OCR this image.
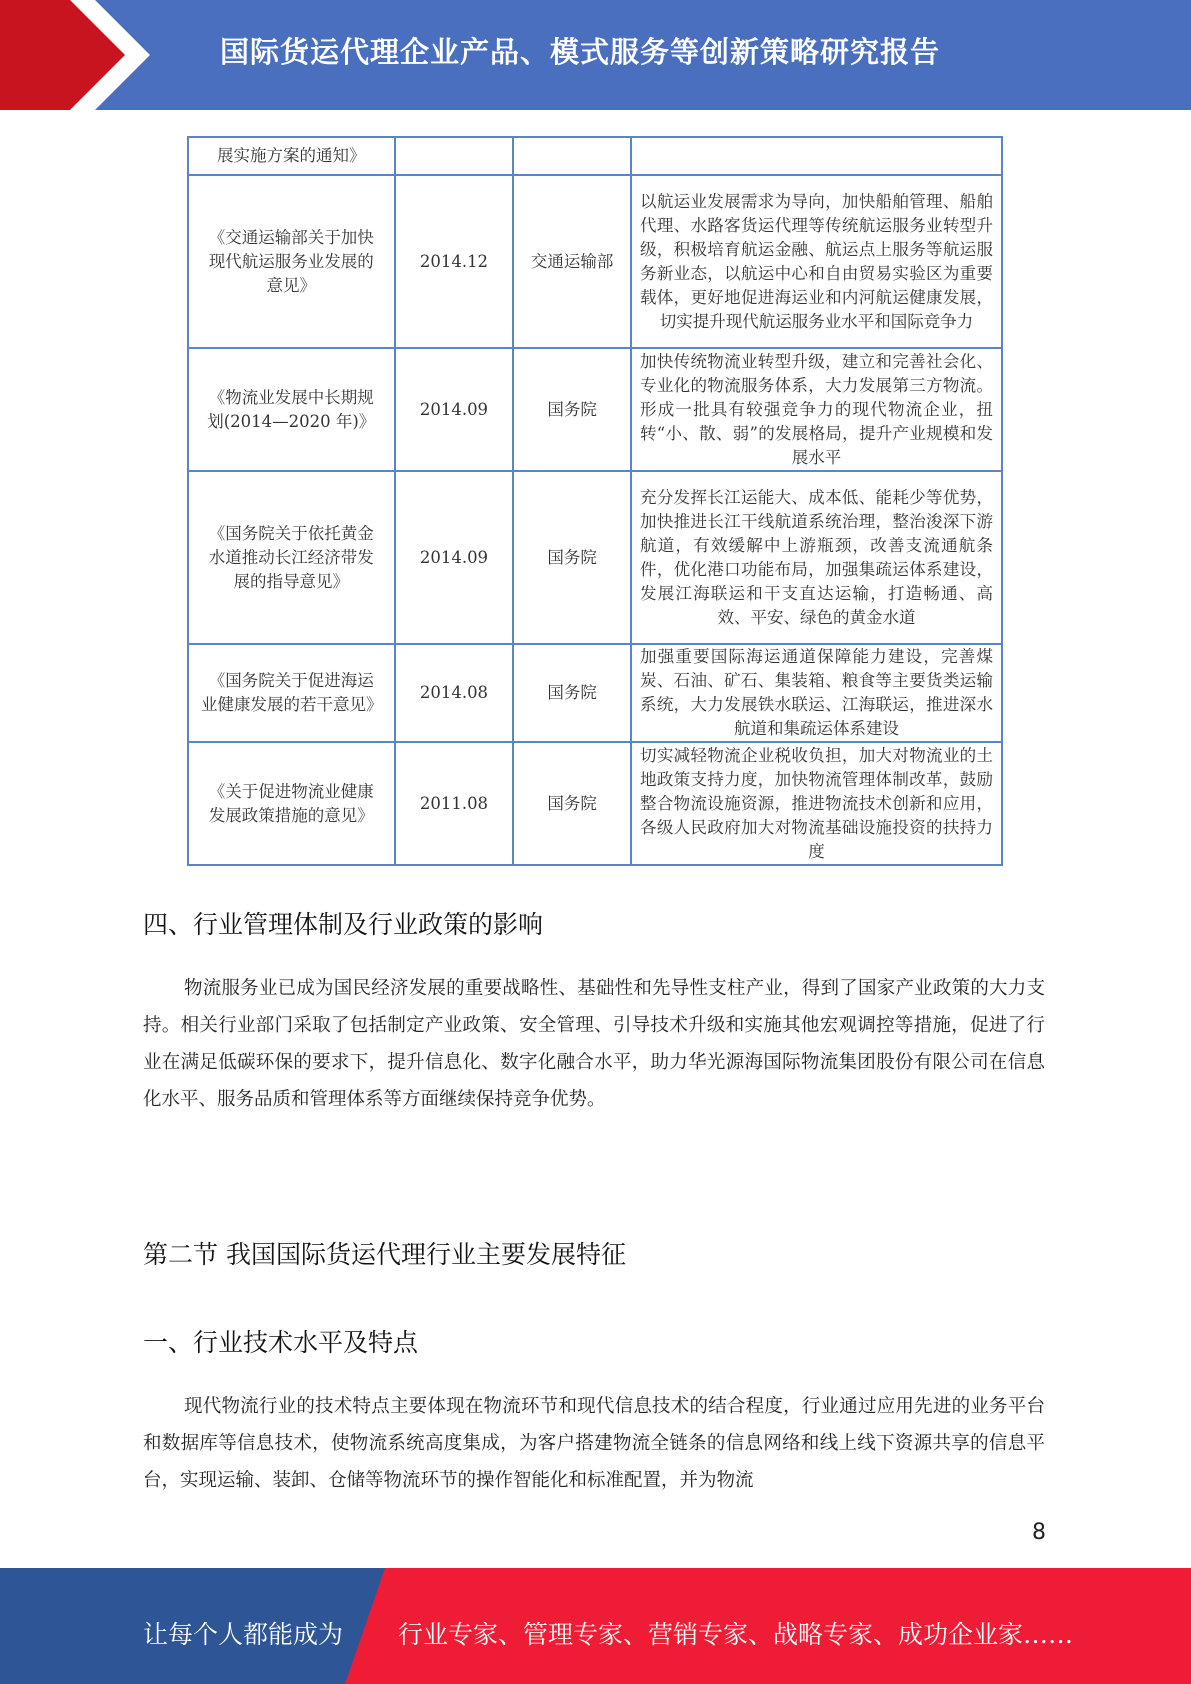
国际货运代理企业产品、模式服务等创新策略研究报告
展实施方案的通知》			
《交通运输部关于加快现代航运服务业发展的意见》	2014.12	交通运输部	以航运业发展需求为导向，加快船舶管理、船舶代理、水路客货运代理等传统航运服务业转型升级，积极培育航运金融、航运点上服务等航运服务新业态，以航运中心和自由贸易实验区为重要载体，更好地促进海运业和内河航运健康发展，切实提升现代航运服务业水平和国际竞争力
《物流业发展中长期规划(2014—2020 年)》	2014.09	国务院	加快传统物流业转型升级，建立和完善社会化、专业化的物流服务体系，大力发展第三方物流。形成一批具有较强竞争力的现代物流企业，扭转“小、散、弱”的发展格局，提升产业规模和发展水平
《国务院关于依托黄金水道推动长江经济带发展的指导意见》	2014.09	国务院	充分发挥长江运能大、成本低、能耗少等优势，加快推进长江干线航道系统治理，整治浚深下游航道，有效缓解中上游瓶颈，改善支流通航条件，优化港口功能布局，加强集疏运体系建设，发展江海联运和干支直达运输，打造畅通、高效、平安、绿色的黄金水道
《国务院关于促进海运业健康发展的若干意见》	2014.08	国务院	加强重要国际海运通道保障能力建设，完善煤炭、石油、矿石、集装箱、粮食等主要货类运输系统，大力发展铁水联运、江海联运，推进深水航道和集疏运体系建设
《关于促进物流业健康发展政策措施的意见》	2011.08	国务院	切实减轻物流企业税收负担，加大对物流业的土地政策支持力度，加快物流管理体制改革，鼓励整合物流设施资源，推进物流技术创新和应用，各级人民政府加大对物流基础设施投资的扶持力度
四、行业管理体制及行业政策的影响
物流服务业已成为国民经济发展的重要战略性、基础性和先导性支柱产业，得到了国家产业政策的大力支持。相关行业部门采取了包括制定产业政策、安全管理、引导技术升级和实施其他宏观调控等措施，促进了行业在满足低碳环保的要求下，提升信息化、数字化融合水平，助力华光源海国际物流集团股份有限公司在信息化水平、服务品质和管理体系等方面继续保持竞争优势。
第二节 我国国际货运代理行业主要发展特征
一、行业技术水平及特点
现代物流行业的技术特点主要体现在物流环节和现代信息技术的结合程度，行业通过应用先进的业务平台和数据库等信息技术，使物流系统高度集成，为客户搭建物流全链条的信息网络和线上线下资源共享的信息平台，实现运输、装卸、仓储等物流环节的操作智能化和标准配置，并为物流
8
让每个人都能成为 行业专家、管理专家、营销专家、战略专家、成功企业家……
